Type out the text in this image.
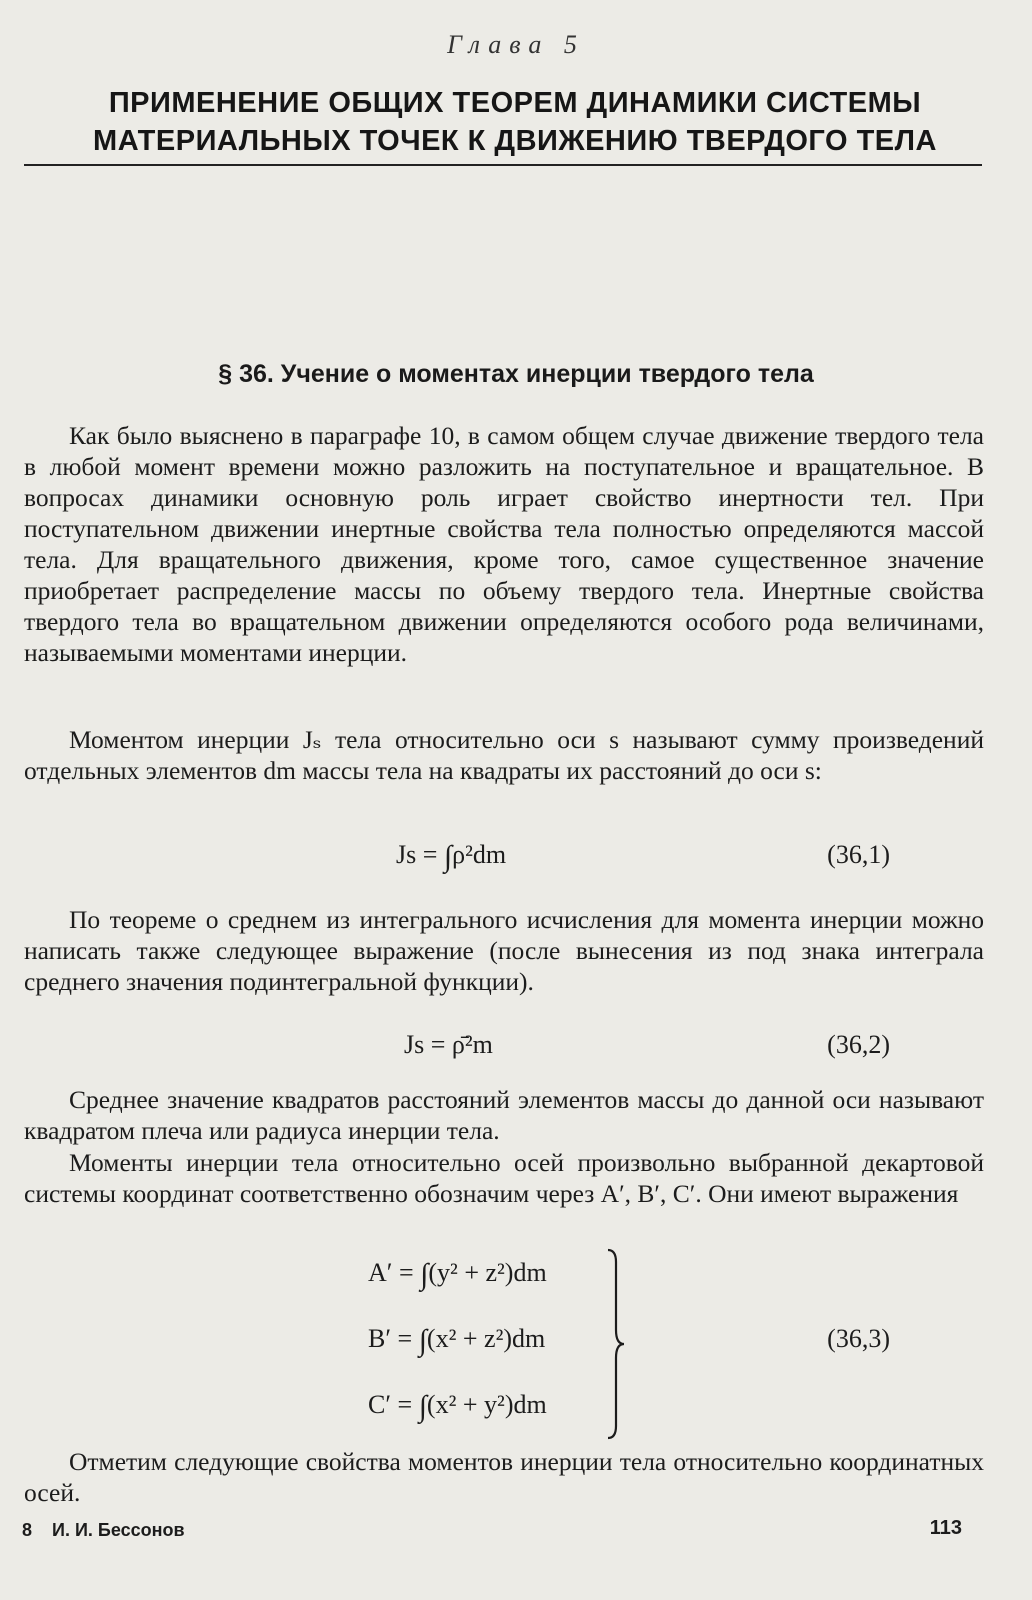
Глава 5
ПРИМЕНЕНИЕ ОБЩИХ ТЕОРЕМ ДИНАМИКИ СИСТЕМЫ
МАТЕРИАЛЬНЫХ ТОЧЕК К ДВИЖЕНИЮ ТВЕРДОГО ТЕЛА
§ 36. Учение о моментах инерции твердого тела
Как было выяснено в параграфе 10, в самом общем случае движение твердого тела в любой момент времени можно разложить на поступательное и вращательное. В вопросах динамики основную роль играет свойство инертности тел. При поступательном движении инертные свойства тела полностью определяются массой тела. Для вращательного движения, кроме того, самое существенное значение приобретает распределение массы по объему твердого тела. Инертные свойства твердого тела во вращательном движении определяются особого рода величинами, называемыми моментами инерции.
Моментом инерции Jₛ тела относительно оси s называют сумму произведений отдельных элементов dm массы тела на квадраты их расстояний до оси s:
Js = ∫ρ²dm	(36,1)
По теореме о среднем из интегрального исчисления для момента инерции можно написать также следующее выражение (после вынесения из под знака интеграла среднего значения подинтегральной функции).
Js = ρ̄²m	(36,2)
Среднее значение квадратов расстояний элементов массы до данной оси называют квадратом плеча или радиуса инерции тела.
Моменты инерции тела относительно осей произвольно выбранной декартовой системы координат соответственно обозначим через A′, B′, C′. Они имеют выражения
A′ = ∫(y² + z²)dm
B′ = ∫(x² + z²)dm
C′ = ∫(x² + y²)dm
(36,3)
Отметим следующие свойства моментов инерции тела относительно координатных осей.
8 И. И. Бессонов	113
